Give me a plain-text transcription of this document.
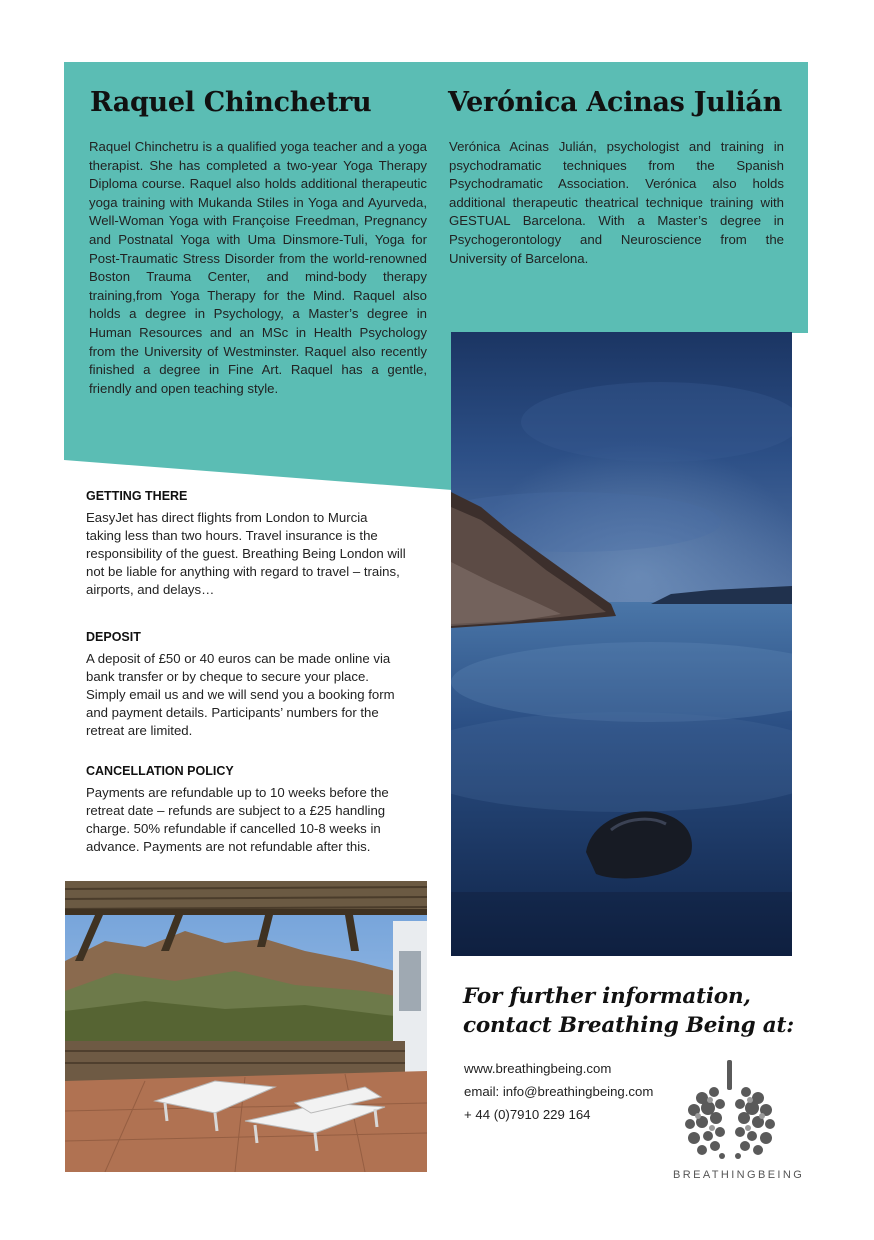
Raquel Chinchetru

Raquel Chinchetru is a qualified yoga teacher and a yoga therapist. She has completed a two-year Yoga Therapy Diploma course. Raquel also holds additional therapeutic yoga training with Mukanda Stiles in Yoga and Ayurveda, Well-Woman Yoga with Françoise Freedman, Pregnancy and Postnatal Yoga with Uma Dinsmore-Tuli, Yoga for Post-Traumatic Stress Disorder from the world-renowned Boston Trauma Center, and mind-body therapy training,from Yoga Therapy for the Mind. Raquel also holds a degree in Psychology, a Master’s degree in Human Resources and an MSc in Health Psychology from the University of Westminster. Raquel also recently finished a degree in Fine Art. Raquel has a gentle, friendly and open teaching style.

Verónica Acinas Julián

Verónica Acinas Julián, psychologist and training in psychodramatic techniques from the Spanish Psychodramatic Association. Verónica also holds additional therapeutic theatrical technique training with GESTUAL Barcelona. With a Master’s degree in Psychogerontology and Neuroscience from the University of Barcelona.

GETTING THERE

EasyJet has direct flights from London to Murcia taking less than two hours. Travel insurance is the responsibility of the guest. Breathing Being London will not be liable for anything with regard to travel – trains, airports, and delays…

DEPOSIT

A deposit of £50 or 40 euros can be made online via bank transfer or by cheque to secure your place. Simply email us and we will send you a booking form and payment details. Participants’ numbers for the retreat are limited.

CANCELLATION POLICY

Payments are refundable up to 10 weeks before the retreat date – refunds are subject to a £25 handling charge. 50% refundable if cancelled 10-8 weeks in advance. Payments are not refundable after this.

For further information,
contact Breathing Being at:

www.breathingbeing.com

email: info@breathingbeing.com

+ 44 (0)7910 229 164

BREATHINGBEING
